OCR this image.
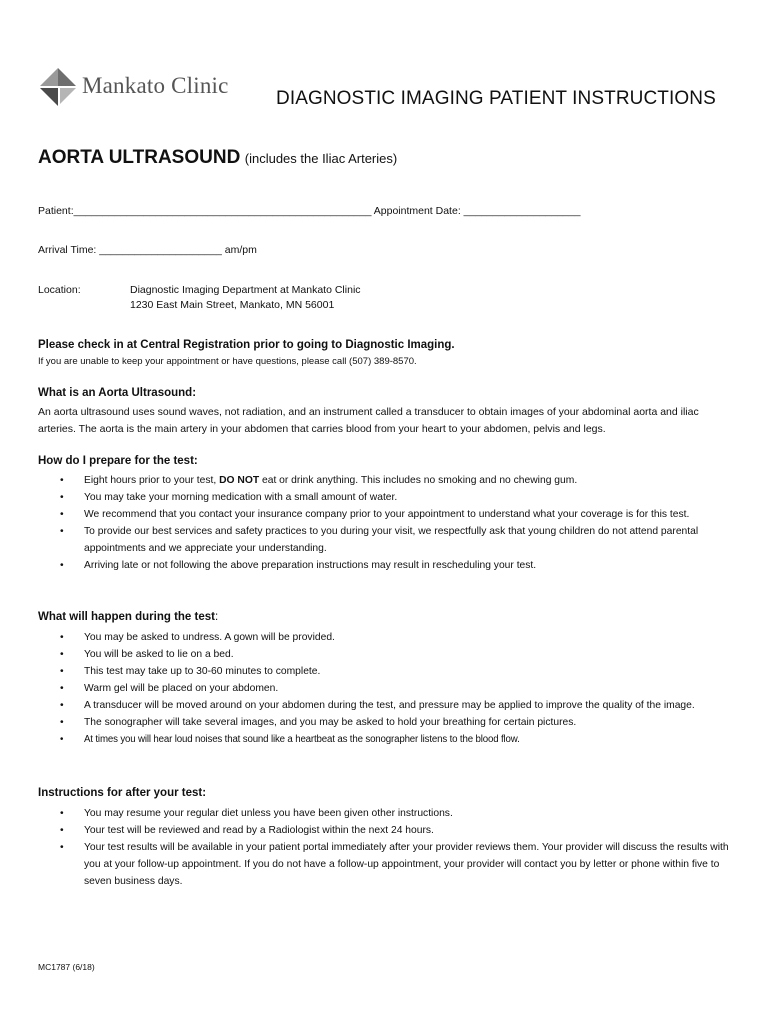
Mankato Clinic
DIAGNOSTIC IMAGING PATIENT INSTRUCTIONS
AORTA ULTRASOUND (includes the Iliac Arteries)
Patient:___________________________________________________ Appointment Date: ____________________
Arrival Time: _____________________ am/pm
Location:	Diagnostic Imaging Department at Mankato Clinic
1230 East Main Street, Mankato, MN 56001
Please check in at Central Registration prior to going to Diagnostic Imaging.
If you are unable to keep your appointment or have questions, please call (507) 389-8570.
What is an Aorta Ultrasound:
An aorta ultrasound uses sound waves, not radiation, and an instrument called a transducer to obtain images of your abdominal aorta and iliac arteries. The aorta is the main artery in your abdomen that carries blood from your heart to your abdomen, pelvis and legs.
How do I prepare for the test:
• Eight hours prior to your test, DO NOT eat or drink anything. This includes no smoking and no chewing gum.
• You may take your morning medication with a small amount of water.
• We recommend that you contact your insurance company prior to your appointment to understand what your coverage is for this test.
• To provide our best services and safety practices to you during your visit, we respectfully ask that young children do not attend parental appointments and we appreciate your understanding.
• Arriving late or not following the above preparation instructions may result in rescheduling your test.
What will happen during the test:
• You may be asked to undress. A gown will be provided.
• You will be asked to lie on a bed.
• This test may take up to 30-60 minutes to complete.
• Warm gel will be placed on your abdomen.
• A transducer will be moved around on your abdomen during the test, and pressure may be applied to improve the quality of the image.
• The sonographer will take several images, and you may be asked to hold your breathing for certain pictures.
• At times you will hear loud noises that sound like a heartbeat as the sonographer listens to the blood flow.
Instructions for after your test:
• You may resume your regular diet unless you have been given other instructions.
• Your test will be reviewed and read by a Radiologist within the next 24 hours.
• Your test results will be available in your patient portal immediately after your provider reviews them. Your provider will discuss the results with you at your follow-up appointment. If you do not have a follow-up appointment, your provider will contact you by letter or phone within five to seven business days.
MC1787 (6/18)
